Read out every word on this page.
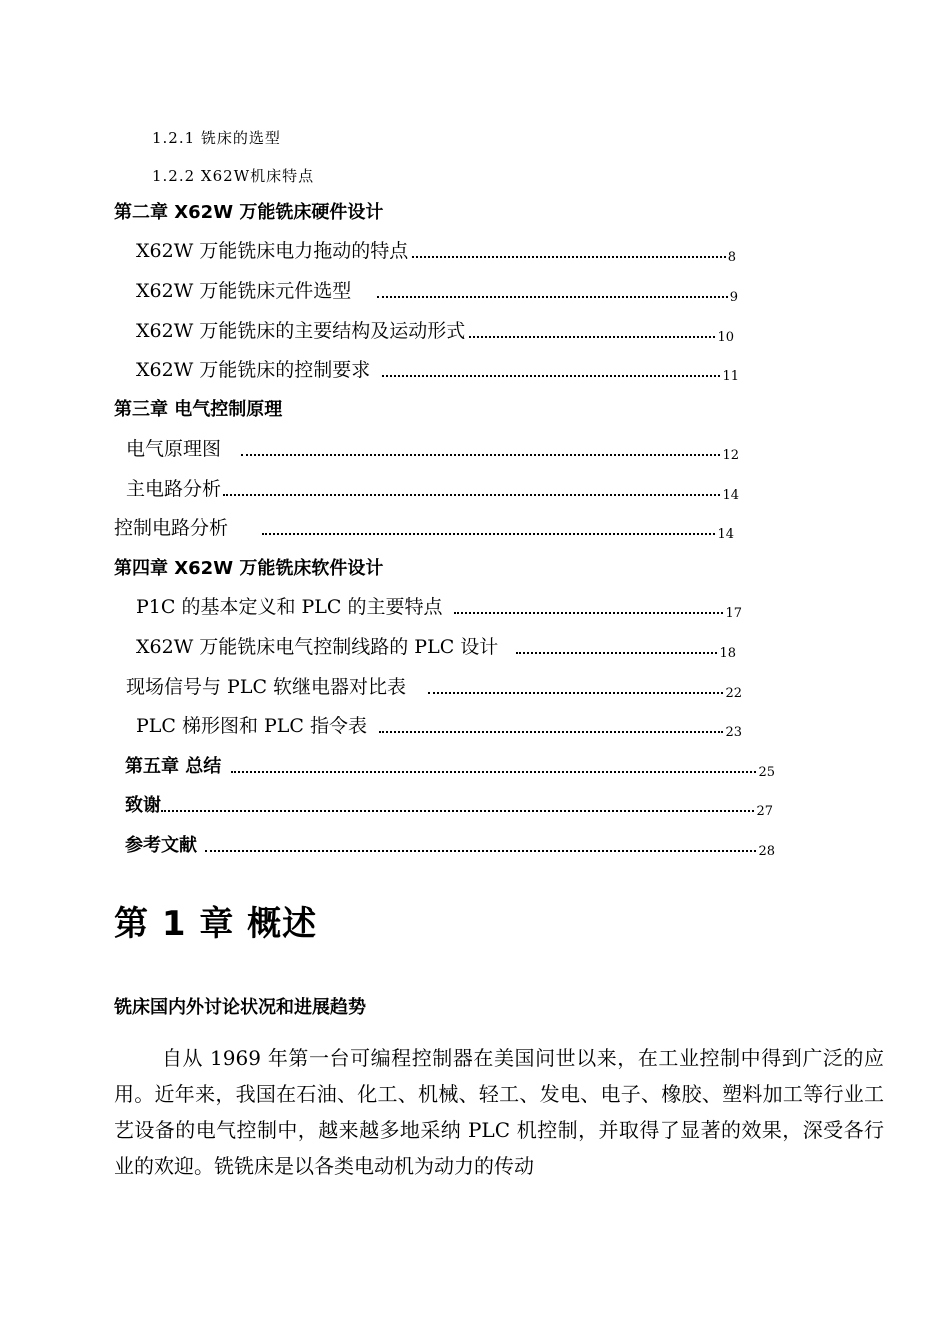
1.2.1 铣床的选型
1.2.2 X62W机床特点
第二章 X62W 万能铣床硬件设计
X62W 万能铣床电力拖动的特点	8
X62W 万能铣床元件选型	9
X62W 万能铣床的主要结构及运动形式	10
X62W 万能铣床的控制要求	11
第三章 电气控制原理
电气原理图	12
主电路分析	14
控制电路分析	14
第四章 X62W 万能铣床软件设计
P1C 的基本定义和 PLC 的主要特点	17
X62W 万能铣床电气控制线路的 PLC 设计	18
现场信号与 PLC 软继电器对比表	22
PLC 梯形图和 PLC 指令表	23
第五章 总结	25
致谢	27
参考文献	28
第 1 章 概述
铣床国内外讨论状况和进展趋势

自从 1969 年第一台可编程控制器在美国问世以来，在工业控制中得到广泛的应用。近年来，我国在石油、化工、机械、轻工、发电、电子、橡胶、塑料加工等行业工艺设备的电气控制中，越来越多地采纳 PLC 机控制，并取得了显著的效果，深受各行业的欢迎。铣铣床是以各类电动机为动力的传动
